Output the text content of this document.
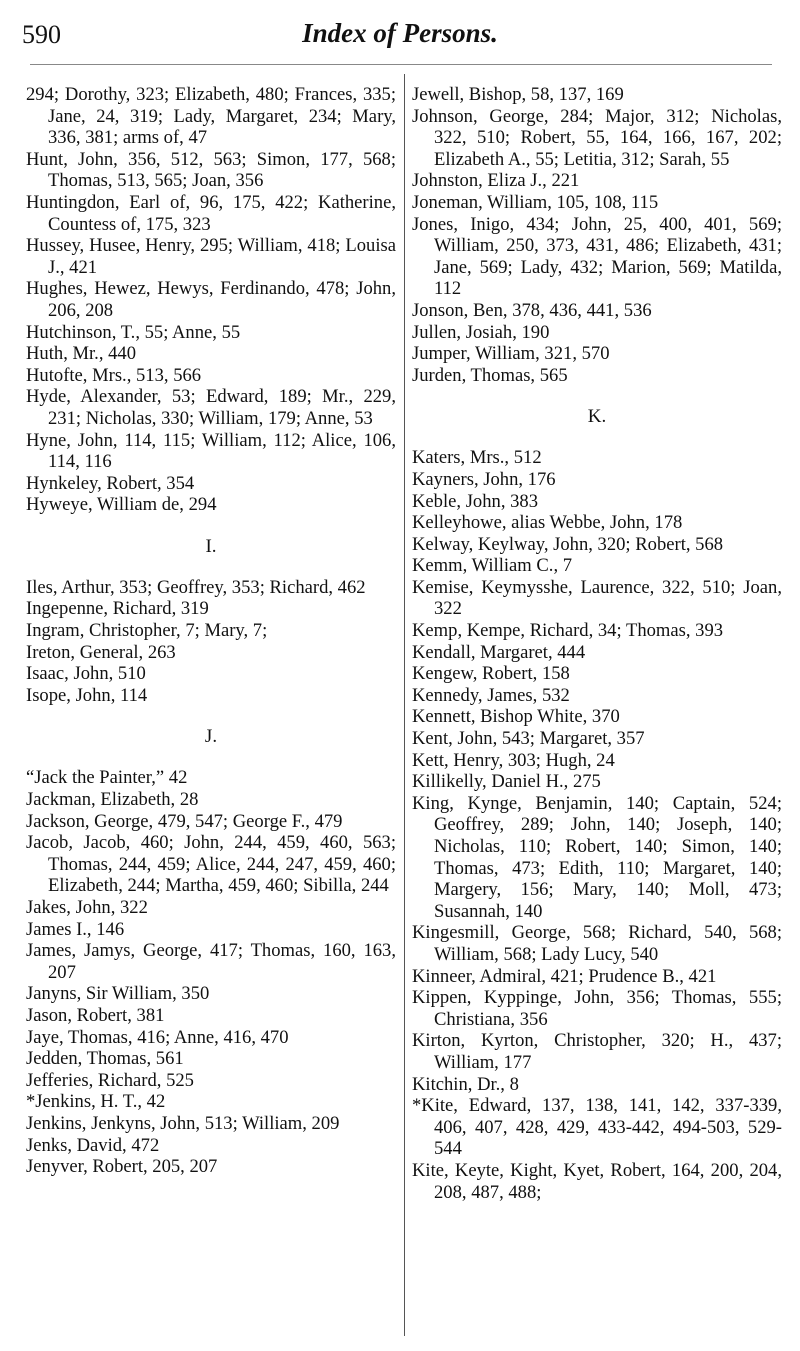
590	Index of Persons.
294; Dorothy, 323; Elizabeth, 480; Frances, 335; Jane, 24, 319; Lady, Margaret, 234; Mary, 336, 381; arms of, 47
Hunt, John, 356, 512, 563; Simon, 177, 568; Thomas, 513, 565; Joan, 356
Huntingdon, Earl of, 96, 175, 422; Katherine, Countess of, 175, 323
Hussey, Husee, Henry, 295; William, 418; Louisa J., 421
Hughes, Hewez, Hewys, Ferdinando, 478; John, 206, 208
Hutchinson, T., 55; Anne, 55
Huth, Mr., 440
Hutofte, Mrs., 513, 566
Hyde, Alexander, 53; Edward, 189; Mr., 229, 231; Nicholas, 330; William, 179; Anne, 53
Hyne, John, 114, 115; William, 112; Alice, 106, 114, 116
Hynkeley, Robert, 354
Hyweye, William de, 294
I.
Iles, Arthur, 353; Geoffrey, 353; Richard, 462
Ingepenne, Richard, 319
Ingram, Christopher, 7; Mary, 7;
Ireton, General, 263
Isaac, John, 510
Isope, John, 114
J.
“Jack the Painter,” 42
Jackman, Elizabeth, 28
Jackson, George, 479, 547; George F., 479
Jacob, Jacob, 460; John, 244, 459, 460, 563; Thomas, 244, 459; Alice, 244, 247, 459, 460; Elizabeth, 244; Martha, 459, 460; Sibilla, 244
Jakes, John, 322
James I., 146
James, Jamys, George, 417; Thomas, 160, 163, 207
Janyns, Sir William, 350
Jason, Robert, 381
Jaye, Thomas, 416; Anne, 416, 470
Jedden, Thomas, 561
Jefferies, Richard, 525
*Jenkins, H. T., 42
Jenkins, Jenkyns, John, 513; William, 209
Jenks, David, 472
Jenyver, Robert, 205, 207
Jewell, Bishop, 58, 137, 169
Johnson, George, 284; Major, 312; Nicholas, 322, 510; Robert, 55, 164, 166, 167, 202; Elizabeth A., 55; Letitia, 312; Sarah, 55
Johnston, Eliza J., 221
Joneman, William, 105, 108, 115
Jones, Inigo, 434; John, 25, 400, 401, 569; William, 250, 373, 431, 486; Elizabeth, 431; Jane, 569; Lady, 432; Marion, 569; Matilda, 112
Jonson, Ben, 378, 436, 441, 536
Jullen, Josiah, 190
Jumper, William, 321, 570
Jurden, Thomas, 565
K.
Katers, Mrs., 512
Kayners, John, 176
Keble, John, 383
Kelleyhowe, alias Webbe, John, 178
Kelway, Keylway, John, 320; Robert, 568
Kemm, William C., 7
Kemise, Keymysshe, Laurence, 322, 510; Joan, 322
Kemp, Kempe, Richard, 34; Thomas, 393
Kendall, Margaret, 444
Kengew, Robert, 158
Kennedy, James, 532
Kennett, Bishop White, 370
Kent, John, 543; Margaret, 357
Kett, Henry, 303; Hugh, 24
Killikelly, Daniel H., 275
King, Kynge, Benjamin, 140; Captain, 524; Geoffrey, 289; John, 140; Joseph, 140; Nicholas, 110; Robert, 140; Simon, 140; Thomas, 473; Edith, 110; Margaret, 140; Margery, 156; Mary, 140; Moll, 473; Susannah, 140
Kingesmill, George, 568; Richard, 540, 568; William, 568; Lady Lucy, 540
Kinneer, Admiral, 421; Prudence B., 421
Kippen, Kyppinge, John, 356; Thomas, 555; Christiana, 356
Kirton, Kyrton, Christopher, 320; H., 437; William, 177
Kitchin, Dr., 8
*Kite, Edward, 137, 138, 141, 142, 337-339, 406, 407, 428, 429, 433-442, 494-503, 529-544
Kite, Keyte, Kight, Kyet, Robert, 164, 200, 204, 208, 487, 488;
